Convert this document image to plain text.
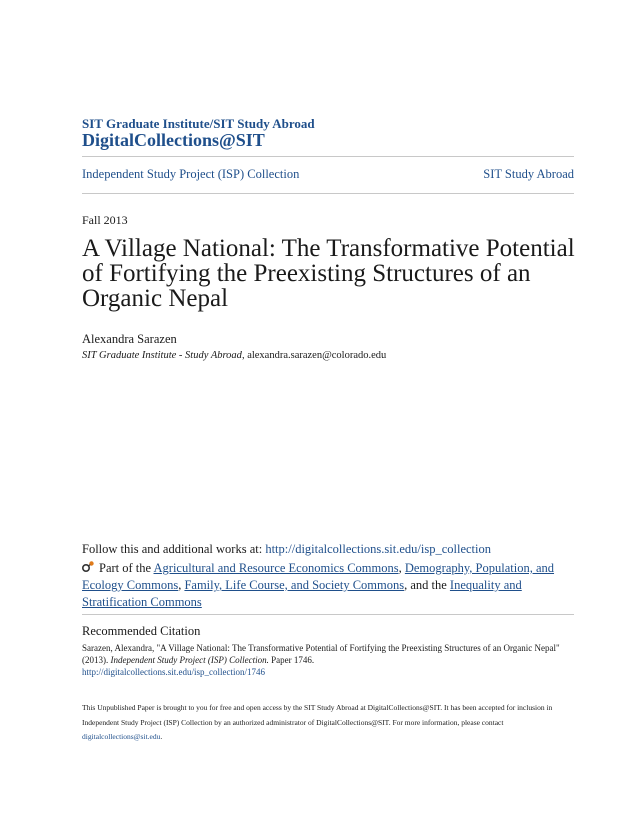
SIT Graduate Institute/SIT Study Abroad
DigitalCollections@SIT
Independent Study Project (ISP) Collection	SIT Study Abroad
Fall 2013
A Village National: The Transformative Potential of Fortifying the Preexisting Structures of an Organic Nepal
Alexandra Sarazen
SIT Graduate Institute - Study Abroad, alexandra.sarazen@colorado.edu
Follow this and additional works at: http://digitalcollections.sit.edu/isp_collection
Part of the Agricultural and Resource Economics Commons, Demography, Population, and Ecology Commons, Family, Life Course, and Society Commons, and the Inequality and Stratification Commons
Recommended Citation
Sarazen, Alexandra, "A Village National: The Transformative Potential of Fortifying the Preexisting Structures of an Organic Nepal" (2013). Independent Study Project (ISP) Collection. Paper 1746.
http://digitalcollections.sit.edu/isp_collection/1746
This Unpublished Paper is brought to you for free and open access by the SIT Study Abroad at DigitalCollections@SIT. It has been accepted for inclusion in Independent Study Project (ISP) Collection by an authorized administrator of DigitalCollections@SIT. For more information, please contact digitalcollections@sit.edu.
